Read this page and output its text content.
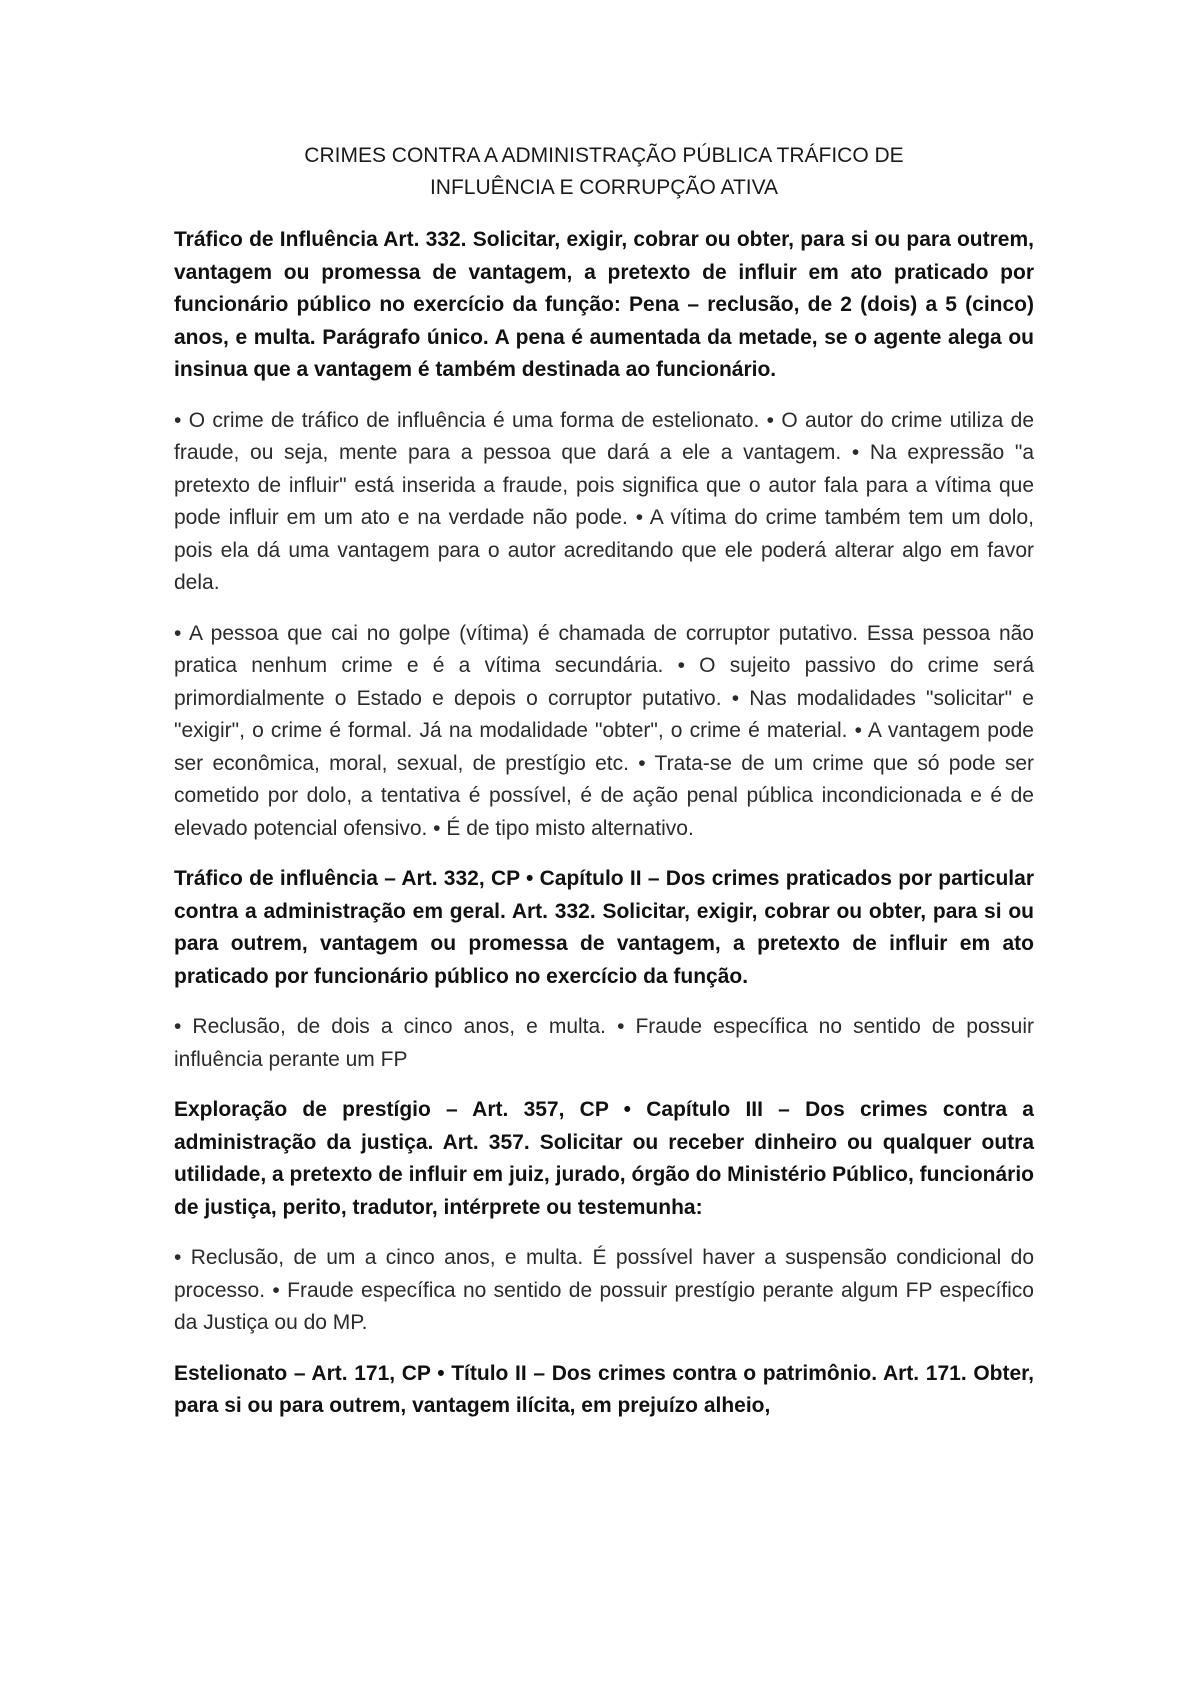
CRIMES CONTRA A ADMINISTRAÇÃO PÚBLICA TRÁFICO DE
INFLUÊNCIA E CORRUPÇÃO ATIVA

Tráfico de Influência Art. 332. Solicitar, exigir, cobrar ou obter, para si ou para outrem, vantagem ou promessa de vantagem, a pretexto de influir em ato praticado por funcionário público no exercício da função: Pena – reclusão, de 2 (dois) a 5 (cinco) anos, e multa. Parágrafo único. A pena é aumentada da metade, se o agente alega ou insinua que a vantagem é também destinada ao funcionário.

• O crime de tráfico de influência é uma forma de estelionato. • O autor do crime utiliza de fraude, ou seja, mente para a pessoa que dará a ele a vantagem. • Na expressão "a pretexto de influir" está inserida a fraude, pois significa que o autor fala para a vítima que pode influir em um ato e na verdade não pode. • A vítima do crime também tem um dolo, pois ela dá uma vantagem para o autor acreditando que ele poderá alterar algo em favor dela.

• A pessoa que cai no golpe (vítima) é chamada de corruptor putativo. Essa pessoa não pratica nenhum crime e é a vítima secundária. • O sujeito passivo do crime será primordialmente o Estado e depois o corruptor putativo. • Nas modalidades "solicitar" e "exigir", o crime é formal. Já na modalidade "obter", o crime é material. • A vantagem pode ser econômica, moral, sexual, de prestígio etc. • Trata-se de um crime que só pode ser cometido por dolo, a tentativa é possível, é de ação penal pública incondicionada e é de elevado potencial ofensivo. • É de tipo misto alternativo.

Tráfico de influência – Art. 332, CP • Capítulo II – Dos crimes praticados por particular contra a administração em geral. Art. 332. Solicitar, exigir, cobrar ou obter, para si ou para outrem, vantagem ou promessa de vantagem, a pretexto de influir em ato praticado por funcionário público no exercício da função.

• Reclusão, de dois a cinco anos, e multa. • Fraude específica no sentido de possuir influência perante um FP

Exploração de prestígio – Art. 357, CP • Capítulo III – Dos crimes contra a administração da justiça. Art. 357. Solicitar ou receber dinheiro ou qualquer outra utilidade, a pretexto de influir em juiz, jurado, órgão do Ministério Público, funcionário de justiça, perito, tradutor, intérprete ou testemunha:

• Reclusão, de um a cinco anos, e multa. É possível haver a suspensão condicional do processo. • Fraude específica no sentido de possuir prestígio perante algum FP específico da Justiça ou do MP.

Estelionato – Art. 171, CP • Título II – Dos crimes contra o patrimônio. Art. 171. Obter, para si ou para outrem, vantagem ilícita, em prejuízo alheio,
